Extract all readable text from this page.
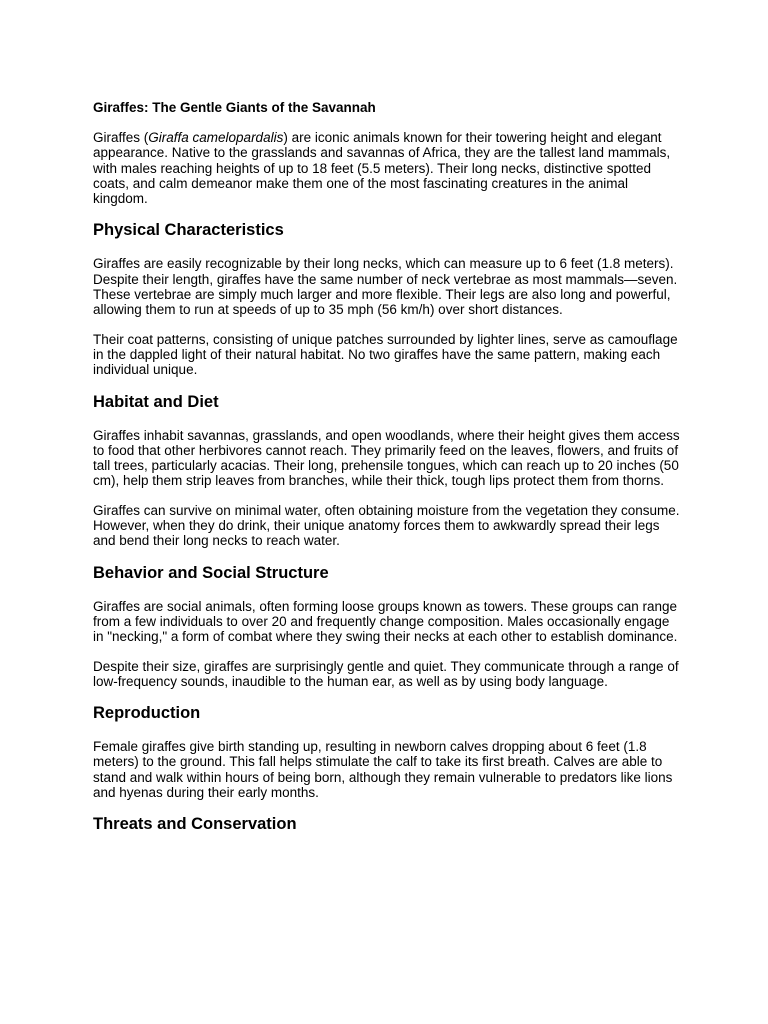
Giraffes: The Gentle Giants of the Savannah

Giraffes (Giraffa camelopardalis) are iconic animals known for their towering height and elegant appearance. Native to the grasslands and savannas of Africa, they are the tallest land mammals, with males reaching heights of up to 18 feet (5.5 meters). Their long necks, distinctive spotted coats, and calm demeanor make them one of the most fascinating creatures in the animal kingdom.

Physical Characteristics

Giraffes are easily recognizable by their long necks, which can measure up to 6 feet (1.8 meters). Despite their length, giraffes have the same number of neck vertebrae as most mammals—seven. These vertebrae are simply much larger and more flexible. Their legs are also long and powerful, allowing them to run at speeds of up to 35 mph (56 km/h) over short distances.

Their coat patterns, consisting of unique patches surrounded by lighter lines, serve as camouflage in the dappled light of their natural habitat. No two giraffes have the same pattern, making each individual unique.

Habitat and Diet

Giraffes inhabit savannas, grasslands, and open woodlands, where their height gives them access to food that other herbivores cannot reach. They primarily feed on the leaves, flowers, and fruits of tall trees, particularly acacias. Their long, prehensile tongues, which can reach up to 20 inches (50 cm), help them strip leaves from branches, while their thick, tough lips protect them from thorns.

Giraffes can survive on minimal water, often obtaining moisture from the vegetation they consume. However, when they do drink, their unique anatomy forces them to awkwardly spread their legs and bend their long necks to reach water.

Behavior and Social Structure

Giraffes are social animals, often forming loose groups known as towers. These groups can range from a few individuals to over 20 and frequently change composition. Males occasionally engage in "necking," a form of combat where they swing their necks at each other to establish dominance.

Despite their size, giraffes are surprisingly gentle and quiet. They communicate through a range of low-frequency sounds, inaudible to the human ear, as well as by using body language.

Reproduction

Female giraffes give birth standing up, resulting in newborn calves dropping about 6 feet (1.8 meters) to the ground. This fall helps stimulate the calf to take its first breath. Calves are able to stand and walk within hours of being born, although they remain vulnerable to predators like lions and hyenas during their early months.

Threats and Conservation
